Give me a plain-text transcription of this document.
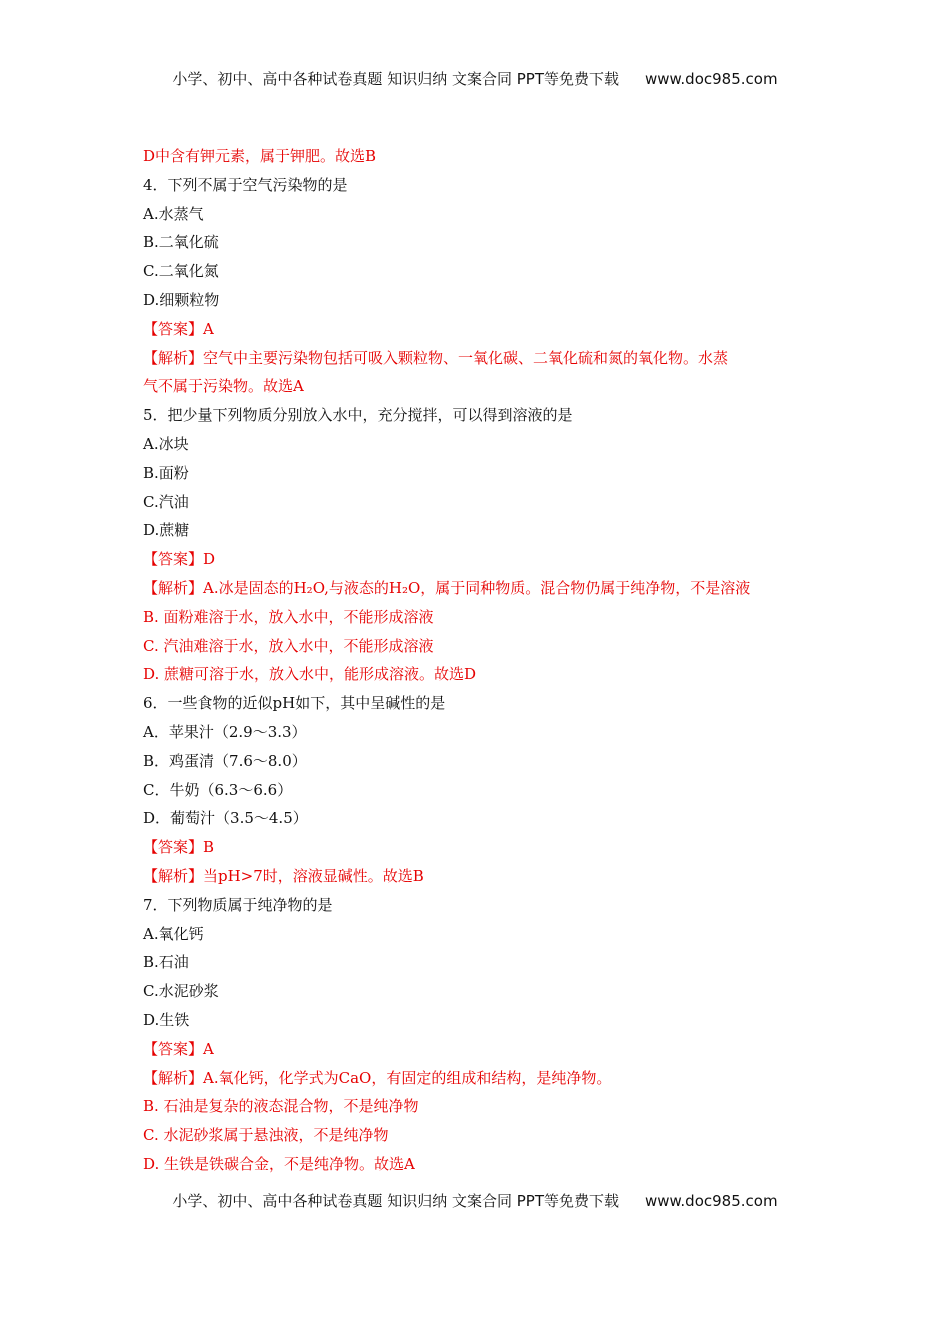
小学、初中、高中各种试卷真题 知识归纳 文案合同 PPT等免费下载 www.doc985.com
D中含有钾元素，属于钾肥。故选B
4．下列不属于空气污染物的是
A.水蒸气
B.二氧化硫
C.二氧化氮
D.细颗粒物
【答案】A
【解析】空气中主要污染物包括可吸入颗粒物、一氧化碳、二氧化硫和氮的氧化物。水蒸
气不属于污染物。故选A
5．把少量下列物质分别放入水中，充分搅拌，可以得到溶液的是
A.冰块
B.面粉
C.汽油
D.蔗糖
【答案】D
【解析】A.冰是固态的H₂O,与液态的H₂O，属于同种物质。混合物仍属于纯净物，不是溶液
B. 面粉难溶于水，放入水中，不能形成溶液
C. 汽油难溶于水，放入水中，不能形成溶液
D. 蔗糖可溶于水，放入水中，能形成溶液。故选D
6．一些食物的近似pH如下，其中呈碱性的是
A．苹果汁（2.9～3.3）
B．鸡蛋清（7.6～8.0）
C．牛奶（6.3～6.6）
D．葡萄汁（3.5～4.5）
【答案】B
【解析】当pH>7时，溶液显碱性。故选B
7．下列物质属于纯净物的是
A.氧化钙
B.石油
C.水泥砂浆
D.生铁
【答案】A
【解析】A.氧化钙，化学式为CaO，有固定的组成和结构，是纯净物。
B. 石油是复杂的液态混合物，不是纯净物
C. 水泥砂浆属于悬浊液，不是纯净物
D. 生铁是铁碳合金，不是纯净物。故选A
小学、初中、高中各种试卷真题 知识归纳 文案合同 PPT等免费下载 www.doc985.com
